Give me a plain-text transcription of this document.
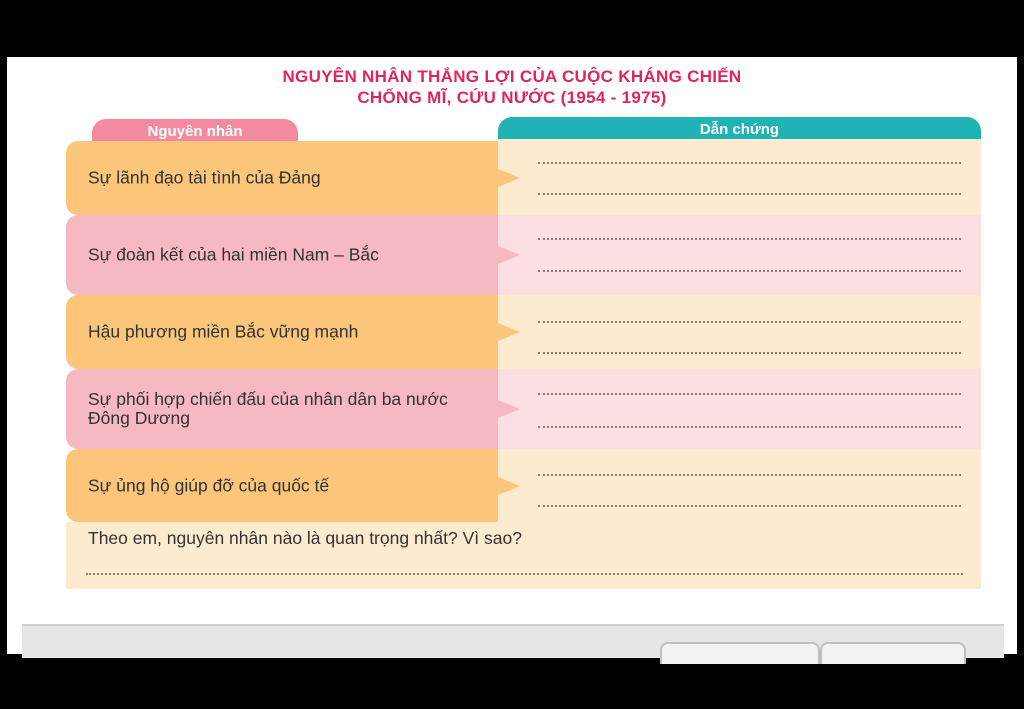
NGUYÊN NHÂN THẮNG LỢI CỦA CUỘC KHÁNG CHIẾN
CHỐNG MĨ, CỨU NƯỚC (1954 - 1975)
Nguyên nhân	Dẫn chứng
Sự lãnh đạo tài tình của Đảng
Sự đoàn kết của hai miền Nam – Bắc
Hậu phương miền Bắc vững mạnh
Sự phối hợp chiến đấu của nhân dân ba nước Đông Dương
Sự ủng hộ giúp đỡ của quốc tế
Theo em, nguyên nhân nào là quan trọng nhất? Vì sao?
